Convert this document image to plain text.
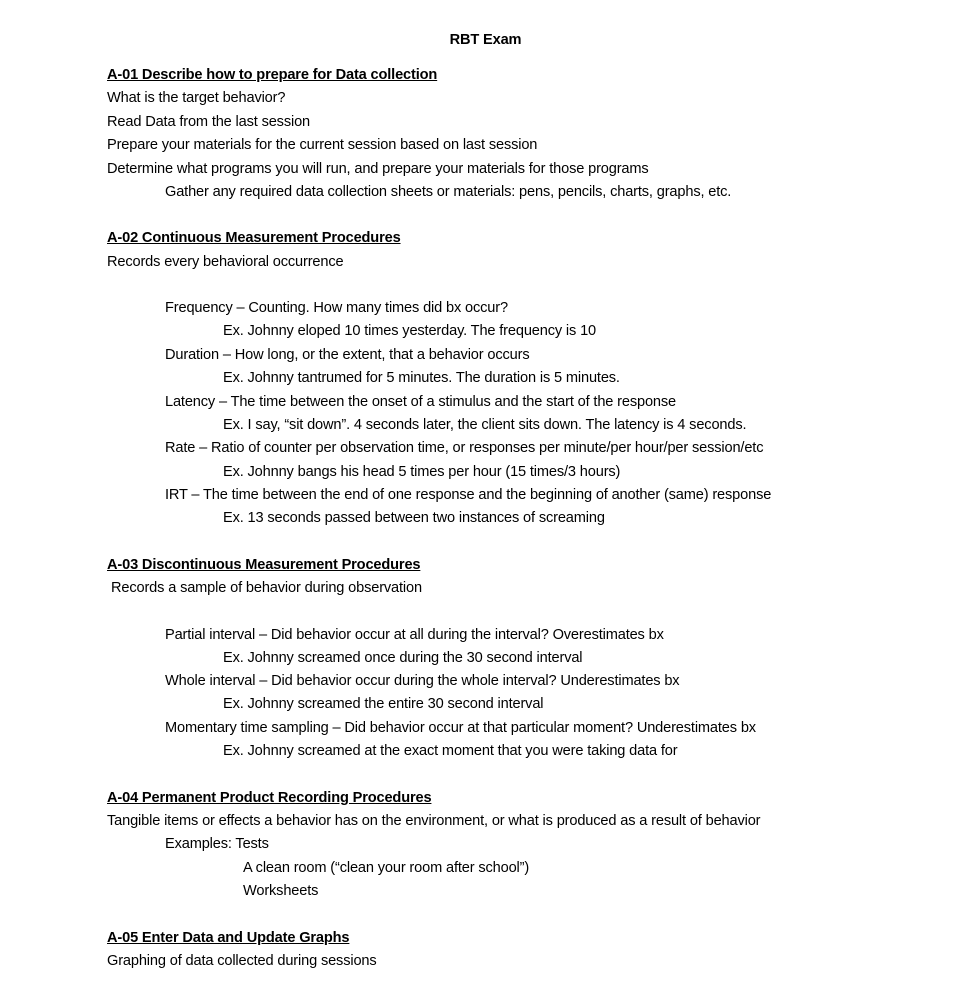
RBT Exam
A-01 Describe how to prepare for Data collection
What is the target behavior?
Read Data from the last session
Prepare your materials for the current session based on last session
Determine what programs you will run, and prepare your materials for those programs
Gather any required data collection sheets or materials: pens, pencils, charts, graphs, etc.
A-02 Continuous Measurement Procedures
Records every behavioral occurrence
Frequency – Counting. How many times did bx occur?
Ex. Johnny eloped 10 times yesterday. The frequency is 10
Duration – How long, or the extent, that a behavior occurs
Ex. Johnny tantrumed for 5 minutes. The duration is 5 minutes.
Latency – The time between the onset of a stimulus and the start of the response
Ex. I say, “sit down”. 4 seconds later, the client sits down. The latency is 4 seconds.
Rate – Ratio of counter per observation time, or responses per minute/per hour/per session/etc
Ex. Johnny bangs his head 5 times per hour (15 times/3 hours)
IRT – The time between the end of one response and the beginning of another (same) response
Ex. 13 seconds passed between two instances of screaming
A-03 Discontinuous Measurement Procedures
Records a sample of behavior during observation
Partial interval – Did behavior occur at all during the interval? Overestimates bx
Ex. Johnny screamed once during the 30 second interval
Whole interval – Did behavior occur during the whole interval? Underestimates bx
Ex. Johnny screamed the entire 30 second interval
Momentary time sampling – Did behavior occur at that particular moment? Underestimates bx
Ex. Johnny screamed at the exact moment that you were taking data for
A-04 Permanent Product Recording Procedures
Tangible items or effects a behavior has on the environment, or what is produced as a result of behavior
Examples: Tests
A clean room (“clean your room after school”)
Worksheets
A-05 Enter Data and Update Graphs
Graphing of data collected during sessions
